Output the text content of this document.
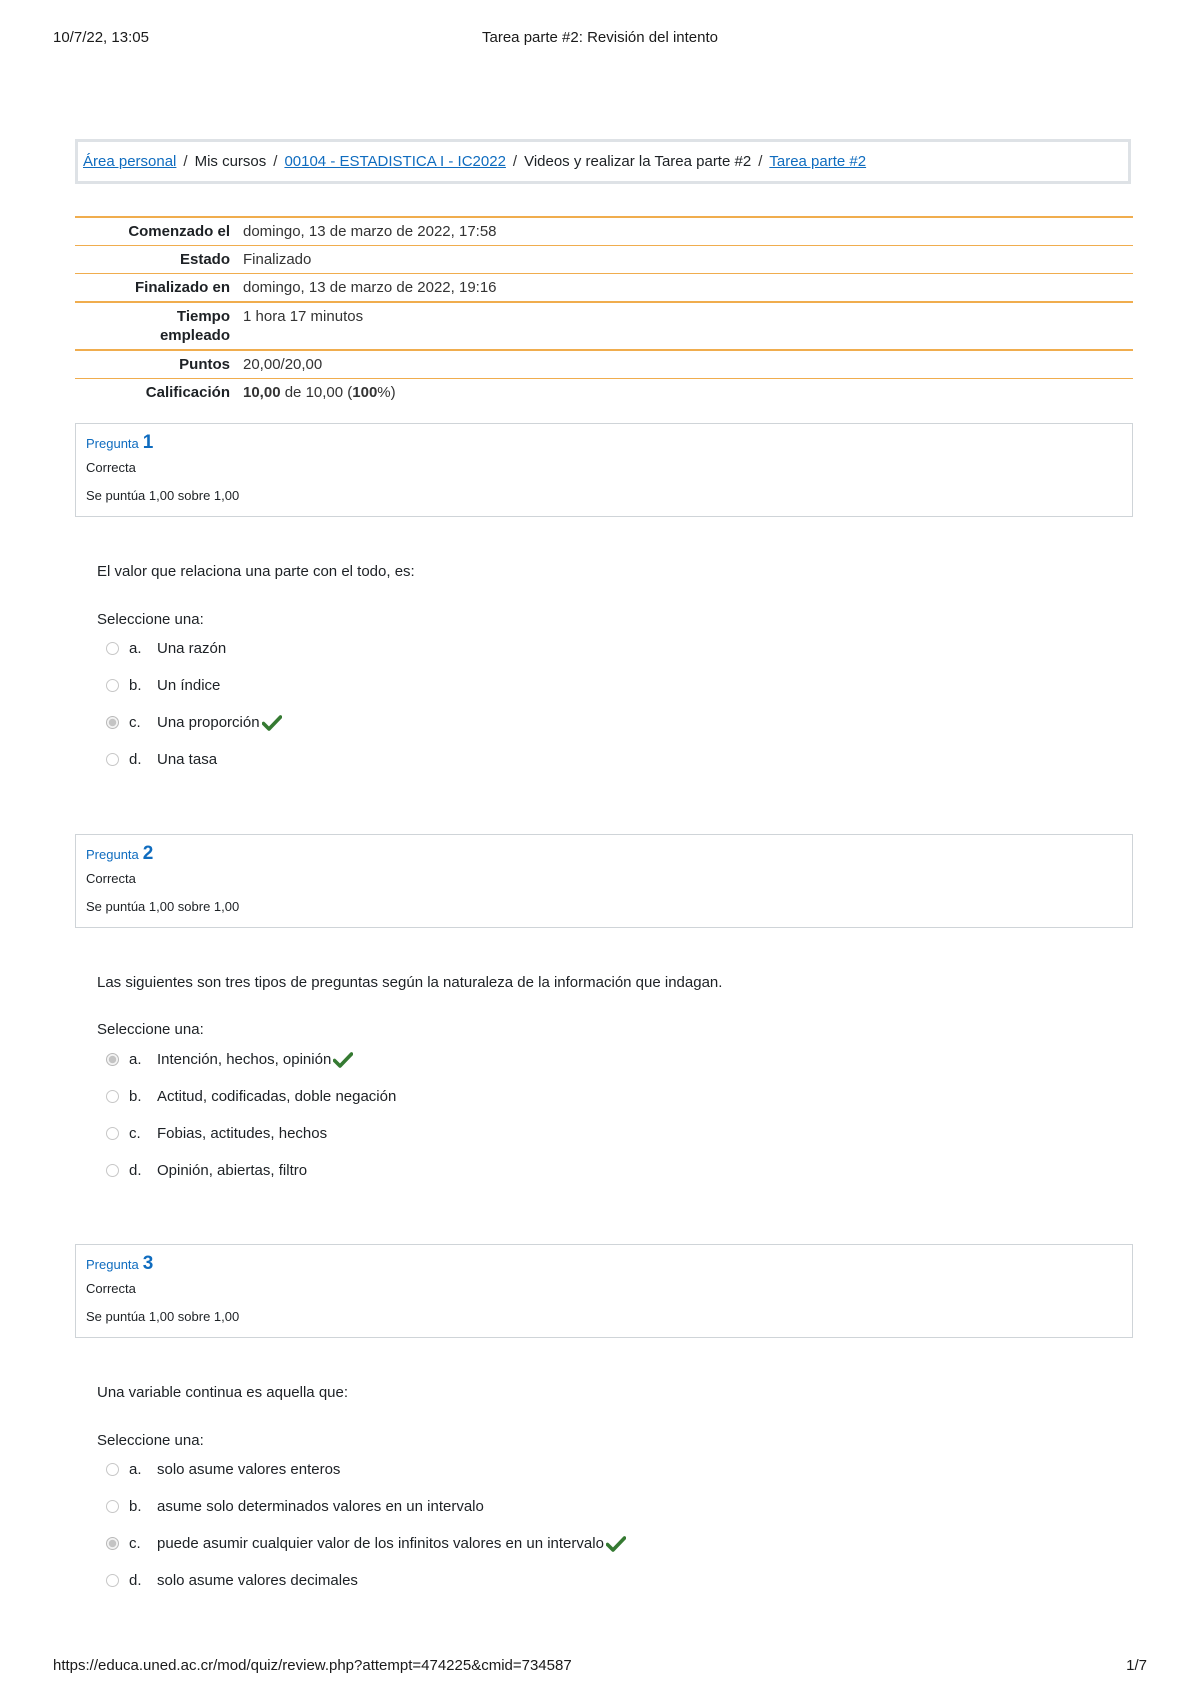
10/7/22, 13:05	Tarea parte #2: Revisión del intento
Área personal / Mis cursos / 00104 - ESTADISTICA I - IC2022 / Videos y realizar la Tarea parte #2 / Tarea parte #2
Comenzado el	domingo, 13 de marzo de 2022, 17:58
Estado	Finalizado
Finalizado en	domingo, 13 de marzo de 2022, 19:16
Tiempo
empleado	1 hora 17 minutos
Puntos	20,00/20,00
Calificación	10,00 de 10,00 (100%)
Pregunta 1
Correcta
Se puntúa 1,00 sobre 1,00
El valor que relaciona una parte con el todo, es:
Seleccione una:
a.	Una razón
b.	Un índice
c.	Una proporción
d.	Una tasa
Pregunta 2
Correcta
Se puntúa 1,00 sobre 1,00
Las siguientes son tres tipos de preguntas según la naturaleza de la información que indagan.
Seleccione una:
a.	Intención, hechos, opinión
b.	Actitud, codificadas, doble negación
c.	Fobias, actitudes, hechos
d.	Opinión, abiertas, filtro
Pregunta 3
Correcta
Se puntúa 1,00 sobre 1,00
Una variable continua es aquella que:
Seleccione una:
a.	solo asume valores enteros
b.	asume solo determinados valores en un intervalo
c.	puede asumir cualquier valor de los infinitos valores en un intervalo
d.	solo asume valores decimales
https://educa.uned.ac.cr/mod/quiz/review.php?attempt=474225&cmid=734587	1/7
